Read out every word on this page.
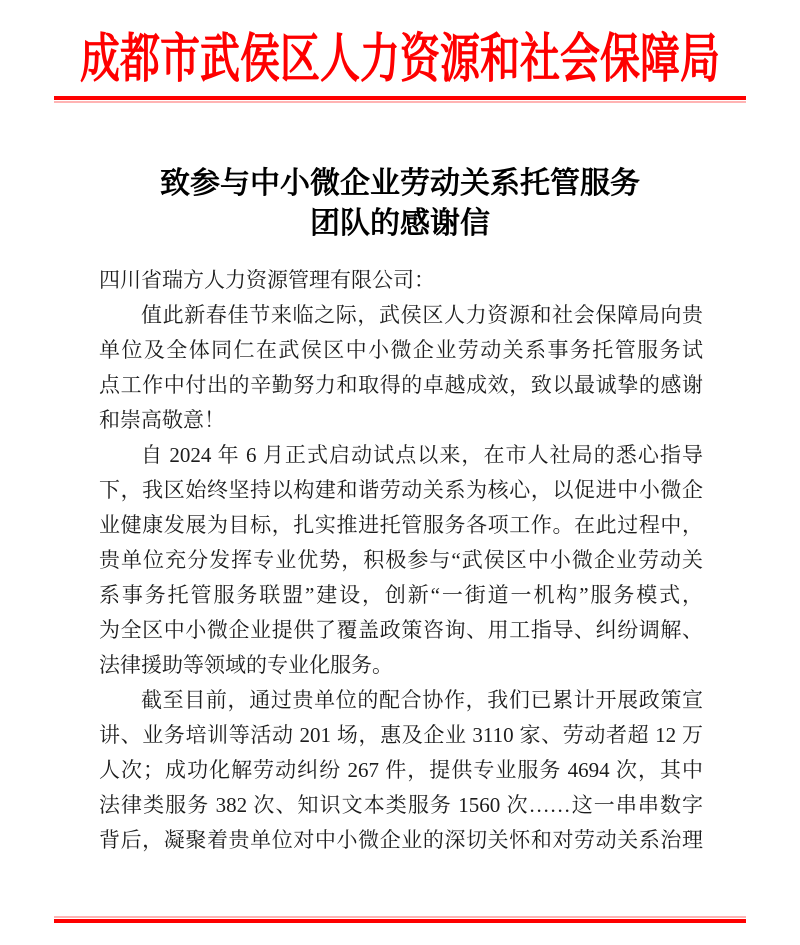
成都市武侯区人力资源和社会保障局
致参与中小微企业劳动关系托管服务
团队的感谢信
四川省瑞方人力资源管理有限公司：
值此新春佳节来临之际，武侯区人力资源和社会保障局向贵
单位及全体同仁在武侯区中小微企业劳动关系事务托管服务试
点工作中付出的辛勤努力和取得的卓越成效，致以最诚挚的感谢
和崇高敬意！
自 2024 年 6 月正式启动试点以来，在市人社局的悉心指导
下，我区始终坚持以构建和谐劳动关系为核心，以促进中小微企
业健康发展为目标，扎实推进托管服务各项工作。在此过程中，
贵单位充分发挥专业优势，积极参与“武侯区中小微企业劳动关
系事务托管服务联盟”建设，创新“一街道一机构”服务模式，
为全区中小微企业提供了覆盖政策咨询、用工指导、纠纷调解、
法律援助等领域的专业化服务。
截至目前，通过贵单位的配合协作，我们已累计开展政策宣
讲、业务培训等活动 201 场，惠及企业 3110 家、劳动者超 12 万
人次；成功化解劳动纠纷 267 件，提供专业服务 4694 次，其中
法律类服务 382 次、知识文本类服务 1560 次……这一串串数字
背后，凝聚着贵单位对中小微企业的深切关怀和对劳动关系治理
